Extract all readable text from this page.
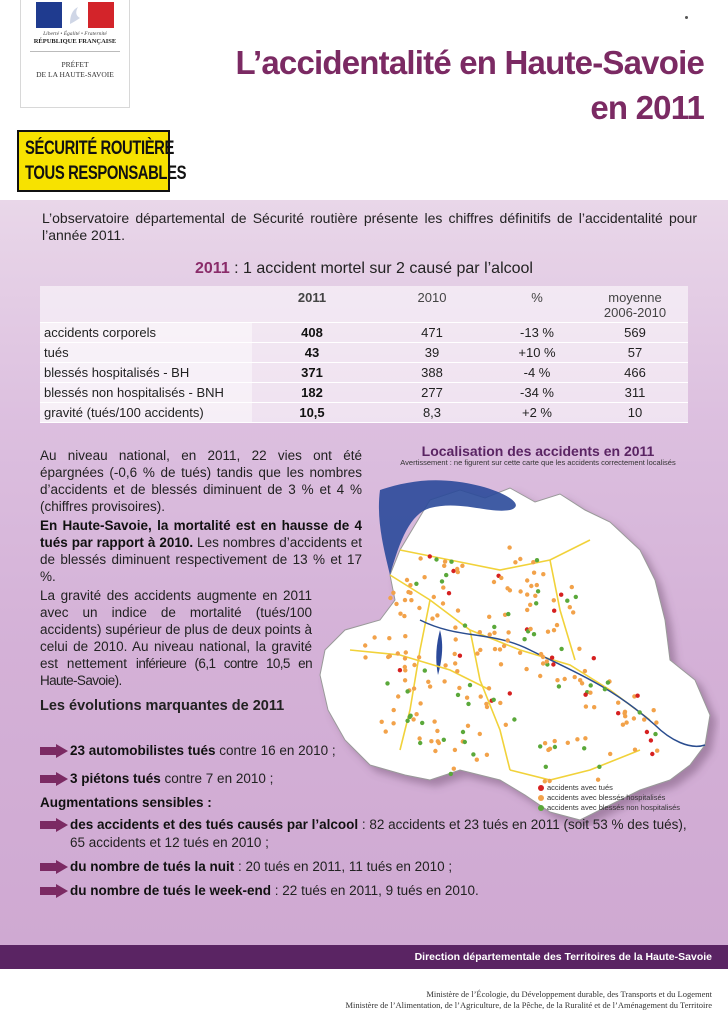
Liberté • Égalité • Fraternité
RÉPUBLIQUE FRANÇAISE
PRÉFET
DE LA HAUTE-SAVOIE
SÉCURITÉ ROUTIÈRE
TOUS RESPONSABLES
L’accidentalité en Haute-Savoie
en 2011

L’observatoire départemental de Sécurité routière présente les chiffres définitifs de l’accidentalité pour l’année 2011.

2011 : 1 accident mortel sur 2 causé par l’alcool
	2011	2010	%	moyenne
2006-2010

accidents corporels	408	471	-13 %	569
tués	43	39	+10 %	57
blessés hospitalisés - BH	371	388	-4 %	466
blessés non hospitalisés - BNH	182	277	-34 %	311
gravité (tués/100 accidents)	10,5	8,3	+2 %	10

Au niveau national, en 2011, 22 vies ont été épargnées (-0,6 % de tués) tandis que les nombres d’accidents et de blessés diminuent de 3 % et 4 % (chiffres provisoires).

En Haute-Savoie, la mortalité est en hausse de 4 tués par rapport à 2010. Les nombres d’accidents et de blessés diminuent respectivement de 13 % et 17 %.

La gravité des accidents augmente en 2011 avec un indice de mortalité (tués/100 accidents) supérieur de plus de deux points à celui de 2010. Au niveau national, la gravité est nettement inférieure (6,1 contre 10,5 en Haute-Savoie).

Les évolutions marquantes de 2011
Localisation des accidents en 2011
Avertissement : ne figurent sur cette carte que les accidents correctement localisés
accidents avec tués
accidents avec blessés hospitalisés
accidents avec blessés non hospitalisés
23 automobilistes tués contre 16 en 2010 ;
3 piétons tués contre 7 en 2010 ;
Augmentations sensibles :
des accidents et des tués causés par l’alcool : 82 accidents et 23 tués en 2011 (soit 53 % des tués), 65 accidents et 12 tués en 2010 ;
du nombre de tués la nuit : 20 tués en 2011, 11 tués en 2010 ;
du nombre de tués le week-end : 22 tués en 2011, 9 tués en 2010.
Direction départementale des Territoires de la Haute-Savoie
Ministère de l’Écologie, du Développement durable, des Transports et du Logement
Ministère de l’Alimentation, de l’Agriculture, de la Pêche, de la Ruralité et de l’Aménagement du Territoire
